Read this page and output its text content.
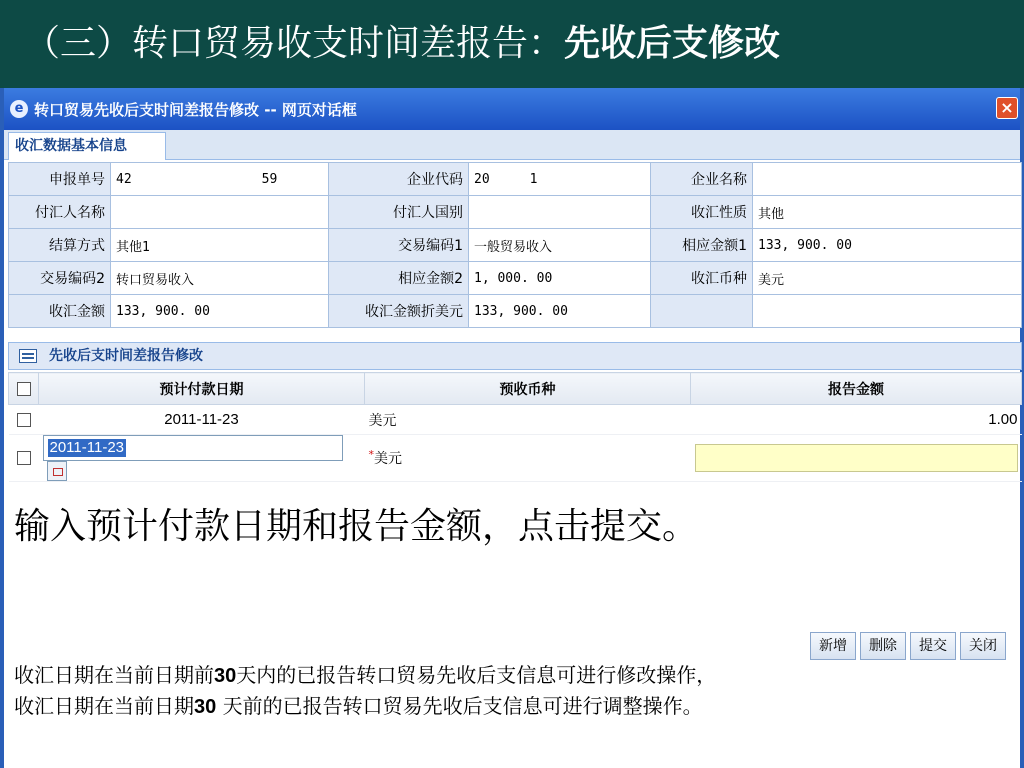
（三）转口贸易收支时间差报告：先收后支修改
e 转口贸易先收后支时间差报告修改 -- 网页对话框	×
收汇数据基本信息
申报单号	42 59	企业代码	20 1	企业名称	
付汇人名称		付汇人国别		收汇性质	其他
结算方式	其他1	交易编码1	一般贸易收入	相应金额1	133, 900. 00
交易编码2	转口贸易收入	相应金额2	1, 000. 00	收汇币种	美元
收汇金额	133, 900. 00	收汇金额折美元	133, 900. 00		
先收后支时间差报告修改
	预计付款日期	预收币种	报告金额
	2011-11-23	美元	1.00

	2011-11-23	*美元	
输入预计付款日期和报告金额，点击提交。
新增	删除	提交	关闭
收汇日期在当前日期前30天内的已报告转口贸易先收后支信息可进行修改操作，
收汇日期在当前日期30 天前的已报告转口贸易先收后支信息可进行调整操作。
